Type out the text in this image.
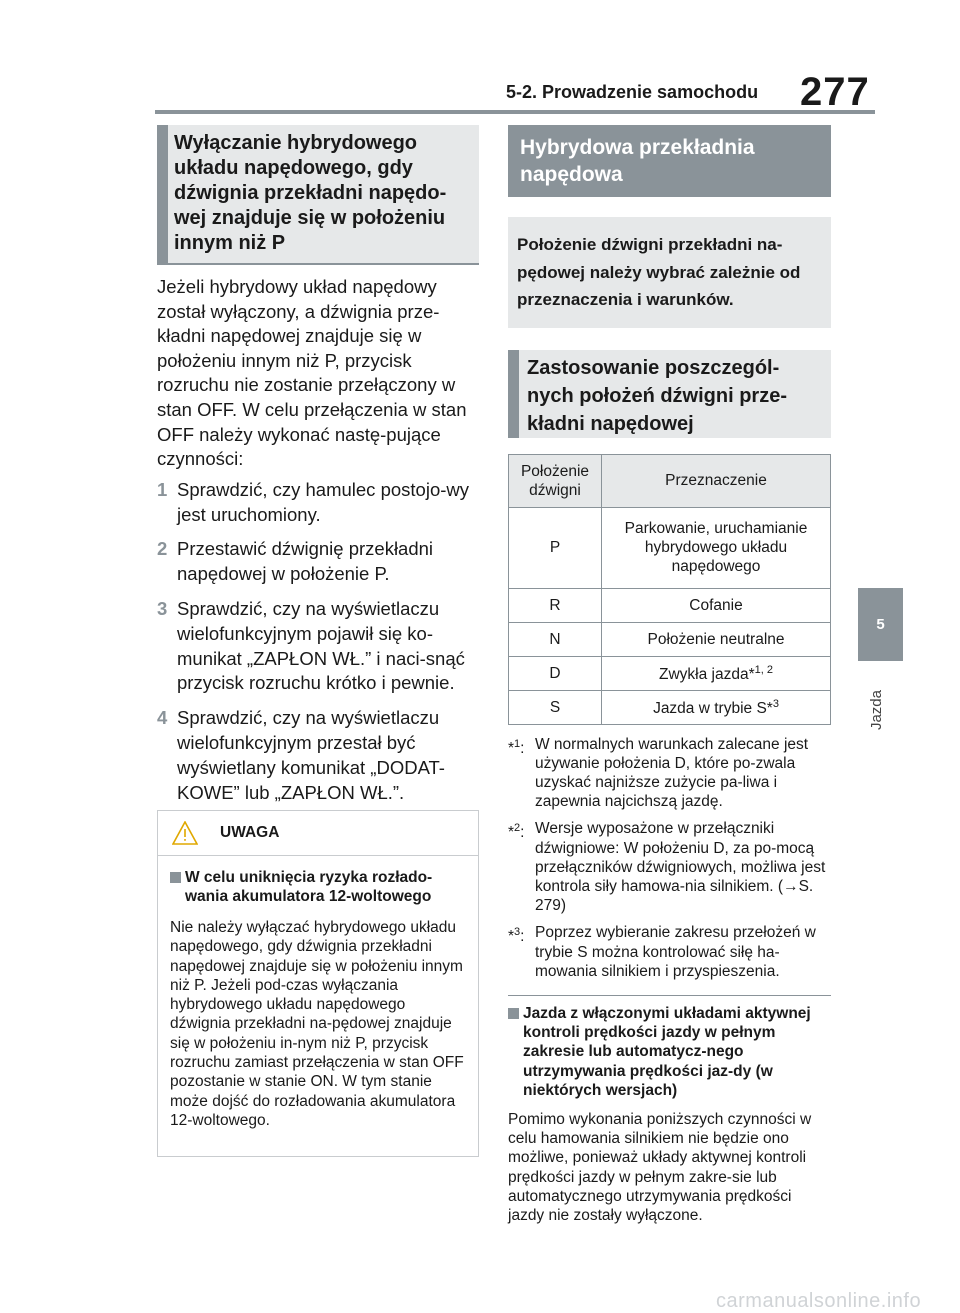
5-2. Prowadzenie samochodu 277
5
Jazda
Wyłączanie hybrydowego układu napędowego, gdy dźwignia przekładni napędo-wej znajduje się w położeniu innym niż P

Jeżeli hybrydowy układ napędowy został wyłączony, a dźwignia prze-kładni napędowej znajduje się w położeniu innym niż P, przycisk rozruchu nie zostanie przełączony w stan OFF. W celu przełączenia w stan OFF należy wykonać nastę-pujące czynności:

1 Sprawdzić, czy hamulec postojo-wy jest uruchomiony.
2 Przestawić dźwignię przekładni napędowej w położenie P.
3 Sprawdzić, czy na wyświetlaczu wielofunkcyjnym pojawił się ko-munikat „ZAPŁON WŁ.” i naci-snąć przycisk rozruchu krótko i pewnie.
4 Sprawdzić, czy na wyświetlaczu wielofunkcyjnym przestał być wyświetlany komunikat „DODAT-KOWE” lub „ZAPŁON WŁ.”.
UWAGA
W celu uniknięcia ryzyka rozłado-wania akumulatora 12-woltowego
Nie należy wyłączać hybrydowego układu napędowego, gdy dźwignia przekładni napędowej znajduje się w położeniu innym niż P. Jeżeli pod-czas wyłączania hybrydowego układu napędowego dźwignia przekładni na-pędowej znajduje się w położeniu in-nym niż P, przycisk rozruchu zamiast przełączenia w stan OFF pozostanie w stanie ON. W tym stanie może dojść do rozładowania akumulatora 12-woltowego.
Hybrydowa przekładnia napędowa
Położenie dźwigni przekładni na-pędowej należy wybrać zależnie od przeznaczenia i warunków.
Zastosowanie poszczegól-nych położeń dźwigni prze-kładni napędowej
Położenie dźwigni	Przeznaczenie
P	Parkowanie, uruchamianie hybrydowego układu napędowego
R	Cofanie
N	Położenie neutralne
D	Zwykła jazda*$^{1, 2}$
S	Jazda w trybie S*$^3$
*$^1$: W normalnych warunkach zalecane jest używanie położenia D, które po-zwala uzyskać najniższe zużycie pa-liwa i zapewnia najcichszą jazdę.
*$^2$: Wersje wyposażone w przełączniki dźwigniowe: W położeniu D, za po-mocą przełączników dźwigniowych, możliwa jest kontrola siły hamowa-nia silnikiem. (→S. 279)
*$^3$: Poprzez wybieranie zakresu przełożeń w trybie S można kontrolować siłę ha-mowania silnikiem i przyspieszenia.
Jazda z włączonymi układami aktywnej kontroli prędkości jazdy w pełnym zakresie lub automatycz-nego utrzymywania prędkości jaz-dy (w niektórych wersjach)
Pomimo wykonania poniższych czynności w celu hamowania silnikiem nie będzie ono możliwe, ponieważ układy aktywnej kontroli prędkości jazdy w pełnym zakre-sie lub automatycznego utrzymywania prędkości jazdy nie zostały wyłączone.
carmanualsonline.info
